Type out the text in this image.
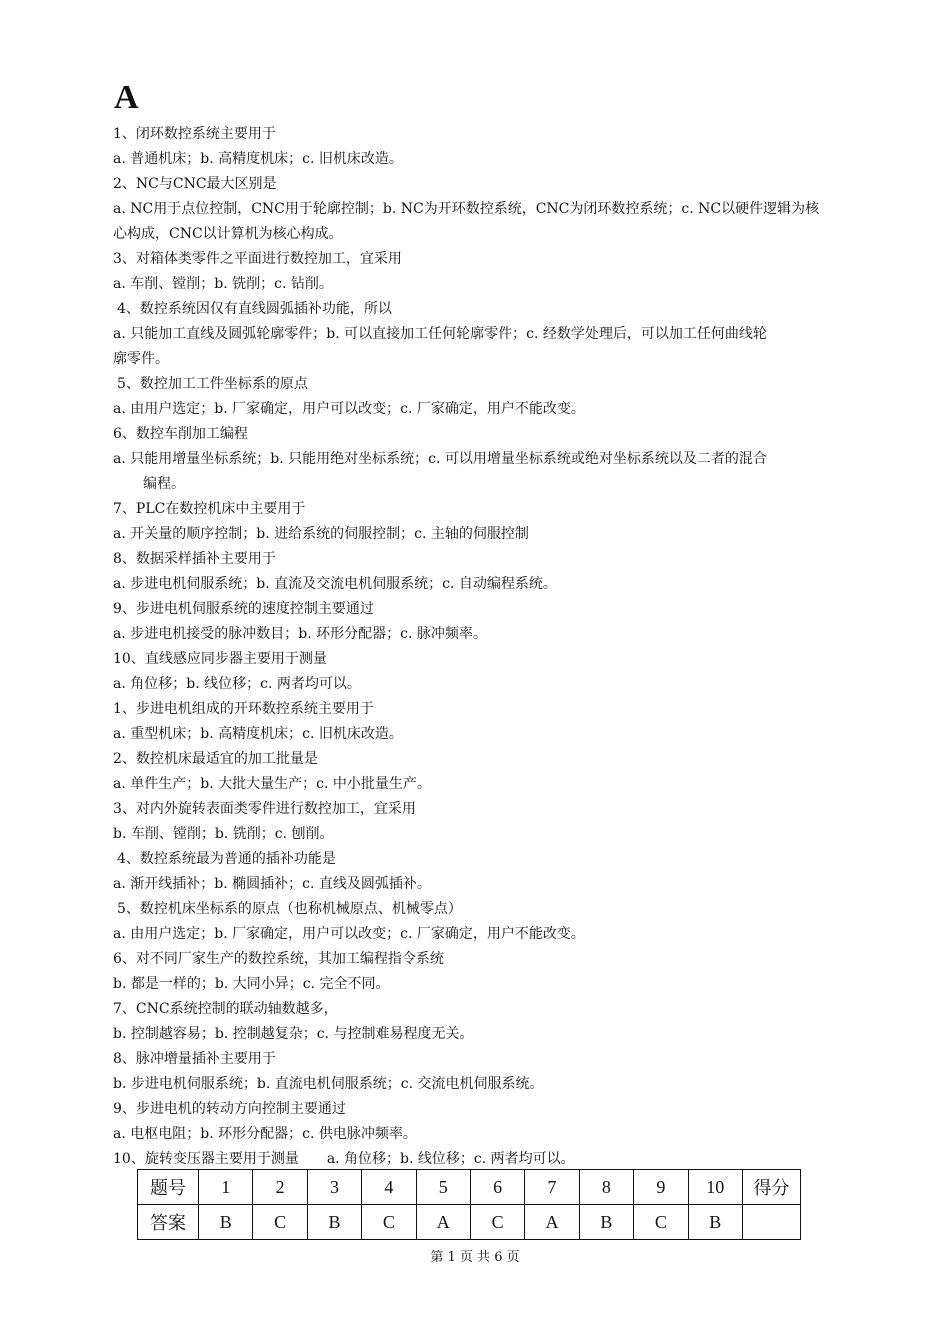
A
1、闭环数控系统主要用于
a. 普通机床；b. 高精度机床；c. 旧机床改造。
2、NC与CNC最大区别是
a. NC用于点位控制，CNC用于轮廓控制；b. NC为开环数控系统，CNC为闭环数控系统；c. NC以硬件逻辑为核
心构成，CNC以计算机为核心构成。
3、对箱体类零件之平面进行数控加工，宜采用
a. 车削、镗削；b. 铣削；c. 钻削。
4、数控系统因仅有直线圆弧插补功能，所以
a. 只能加工直线及圆弧轮廓零件；b. 可以直接加工任何轮廓零件；c. 经数学处理后，可以加工任何曲线轮
廓零件。
5、数控加工工件坐标系的原点
a. 由用户选定；b. 厂家确定，用户可以改变；c. 厂家确定，用户不能改变。
6、数控车削加工编程
a. 只能用增量坐标系统；b. 只能用绝对坐标系统；c. 可以用增量坐标系统或绝对坐标系统以及二者的混合
编程。
7、PLC在数控机床中主要用于
a. 开关量的顺序控制；b. 进给系统的伺服控制；c. 主轴的伺服控制
8、数据采样插补主要用于
a. 步进电机伺服系统；b. 直流及交流电机伺服系统；c. 自动编程系统。
9、步进电机伺服系统的速度控制主要通过
a. 步进电机接受的脉冲数目；b. 环形分配器；c. 脉冲频率。
10、直线感应同步器主要用于测量
a. 角位移；b. 线位移；c. 两者均可以。
1、步进电机组成的开环数控系统主要用于
a. 重型机床；b. 高精度机床；c. 旧机床改造。
2、数控机床最适宜的加工批量是
a. 单件生产；b. 大批大量生产；c. 中小批量生产。
3、对内外旋转表面类零件进行数控加工，宜采用
b. 车削、镗削；b. 铣削；c. 刨削。
4、数控系统最为普通的插补功能是
a. 渐开线插补；b. 椭圆插补；c. 直线及圆弧插补。
5、数控机床坐标系的原点（也称机械原点、机械零点）
a. 由用户选定；b. 厂家确定，用户可以改变；c. 厂家确定，用户不能改变。
6、对不同厂家生产的数控系统，其加工编程指令系统
b. 都是一样的；b. 大同小异；c. 完全不同。
7、CNC系统控制的联动轴数越多，
b. 控制越容易；b. 控制越复杂；c. 与控制难易程度无关。
8、脉冲增量插补主要用于
b. 步进电机伺服系统；b. 直流电机伺服系统；c. 交流电机伺服系统。
9、步进电机的转动方向控制主要通过
a. 电枢电阻；b. 环形分配器；c. 供电脉冲频率。
10、旋转变压器主要用于测量　　a. 角位移；b. 线位移；c. 两者均可以。
题号	1	2	3	4	5	6	7	8	9	10	得分
答案	B	C	B	C	A	C	A	B	C	B	
第 1 页 共 6 页
